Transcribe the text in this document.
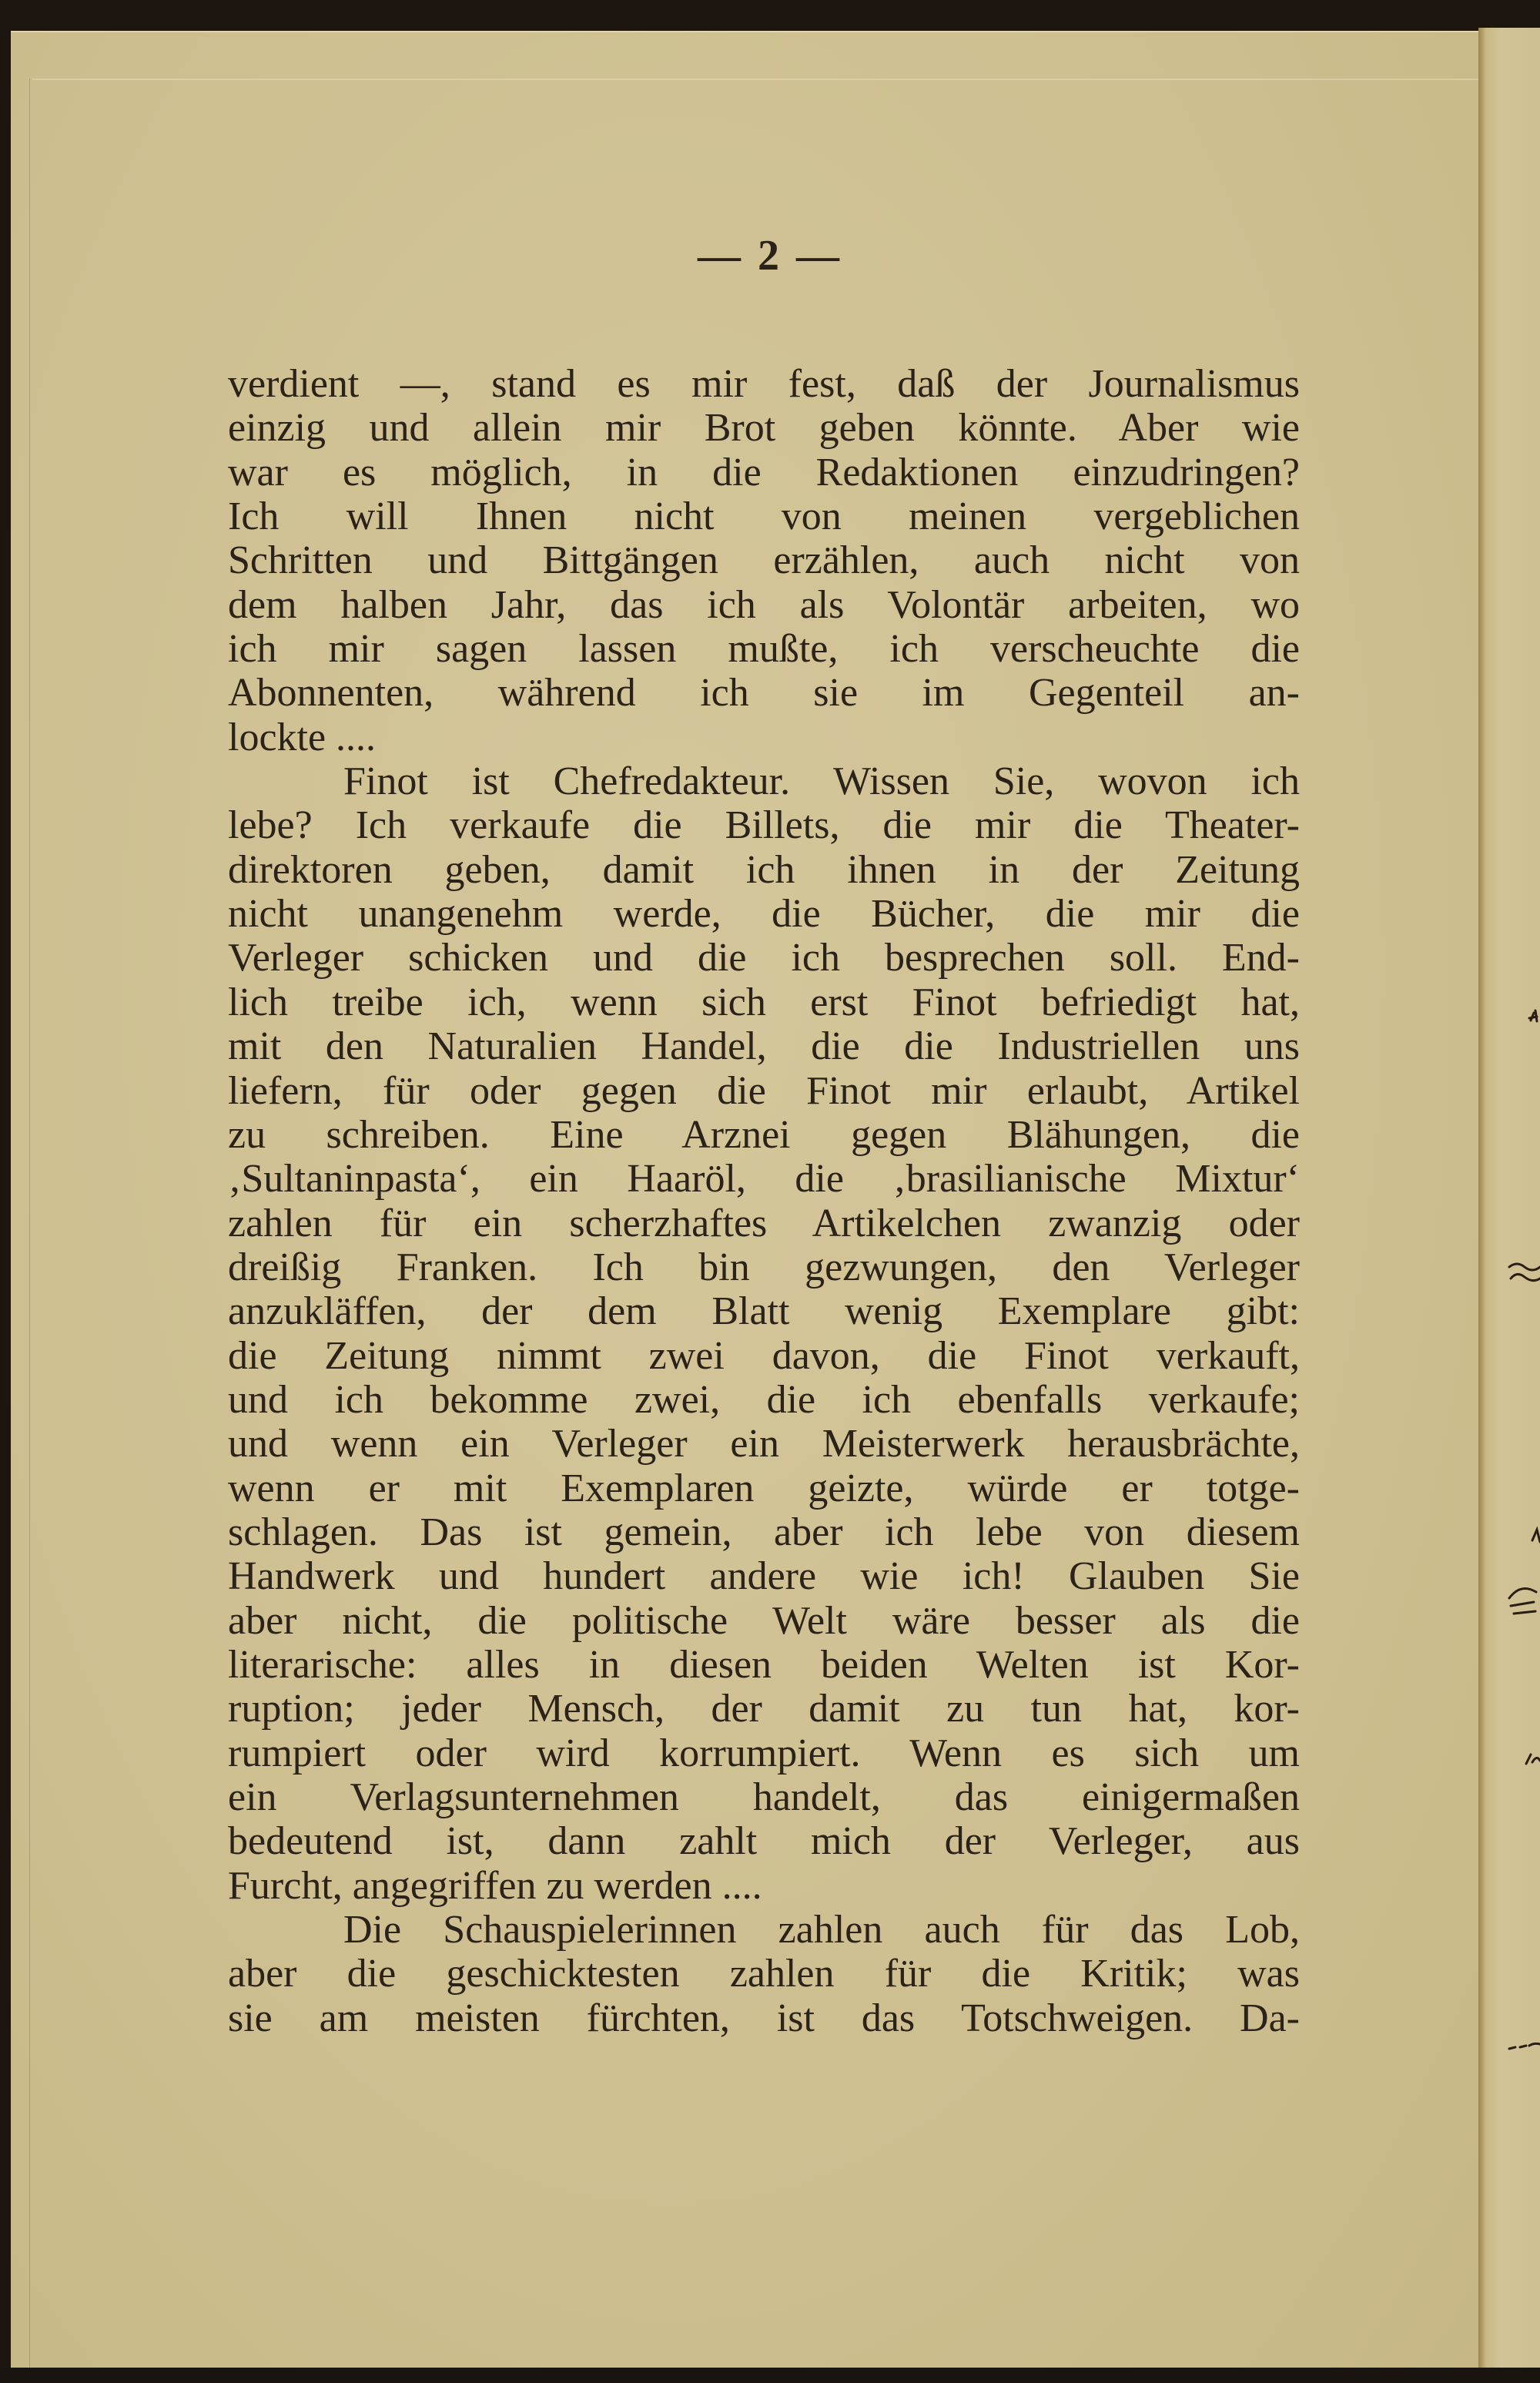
— 2 —
verdient —, stand es mir fest, daß der Journalismus
einzig und allein mir Brot geben könnte. Aber wie
war es möglich, in die Redaktionen einzudringen?
Ich will Ihnen nicht von meinen vergeblichen
Schritten und Bittgängen erzählen, auch nicht von
dem halben Jahr, das ich als Volontär arbeiten, wo
ich mir sagen lassen mußte, ich verscheuchte die
Abonnenten, während ich sie im Gegenteil an-
lockte ....
Finot ist Chefredakteur. Wissen Sie, wovon ich
lebe? Ich verkaufe die Billets, die mir die Theater-
direktoren geben, damit ich ihnen in der Zeitung
nicht unangenehm werde, die Bücher, die mir die
Verleger schicken und die ich besprechen soll. End-
lich treibe ich, wenn sich erst Finot befriedigt hat,
mit den Naturalien Handel, die die Industriellen uns
liefern, für oder gegen die Finot mir erlaubt, Artikel
zu schreiben. Eine Arznei gegen Blähungen, die
‚Sultaninpasta‘, ein Haaröl, die ‚brasilianische Mixtur‘
zahlen für ein scherzhaftes Artikelchen zwanzig oder
dreißig Franken. Ich bin gezwungen, den Verleger
anzukläffen, der dem Blatt wenig Exemplare gibt:
die Zeitung nimmt zwei davon, die Finot verkauft,
und ich bekomme zwei, die ich ebenfalls verkaufe;
und wenn ein Verleger ein Meisterwerk herausbrächte,
wenn er mit Exemplaren geizte, würde er totge-
schlagen. Das ist gemein, aber ich lebe von diesem
Handwerk und hundert andere wie ich! Glauben Sie
aber nicht, die politische Welt wäre besser als die
literarische: alles in diesen beiden Welten ist Kor-
ruption; jeder Mensch, der damit zu tun hat, kor-
rumpiert oder wird korrumpiert. Wenn es sich um
ein Verlagsunternehmen handelt, das einigermaßen
bedeutend ist, dann zahlt mich der Verleger, aus
Furcht, angegriffen zu werden ....
Die Schauspielerinnen zahlen auch für das Lob,
aber die geschicktesten zahlen für die Kritik; was
sie am meisten fürchten, ist das Totschweigen. Da-
